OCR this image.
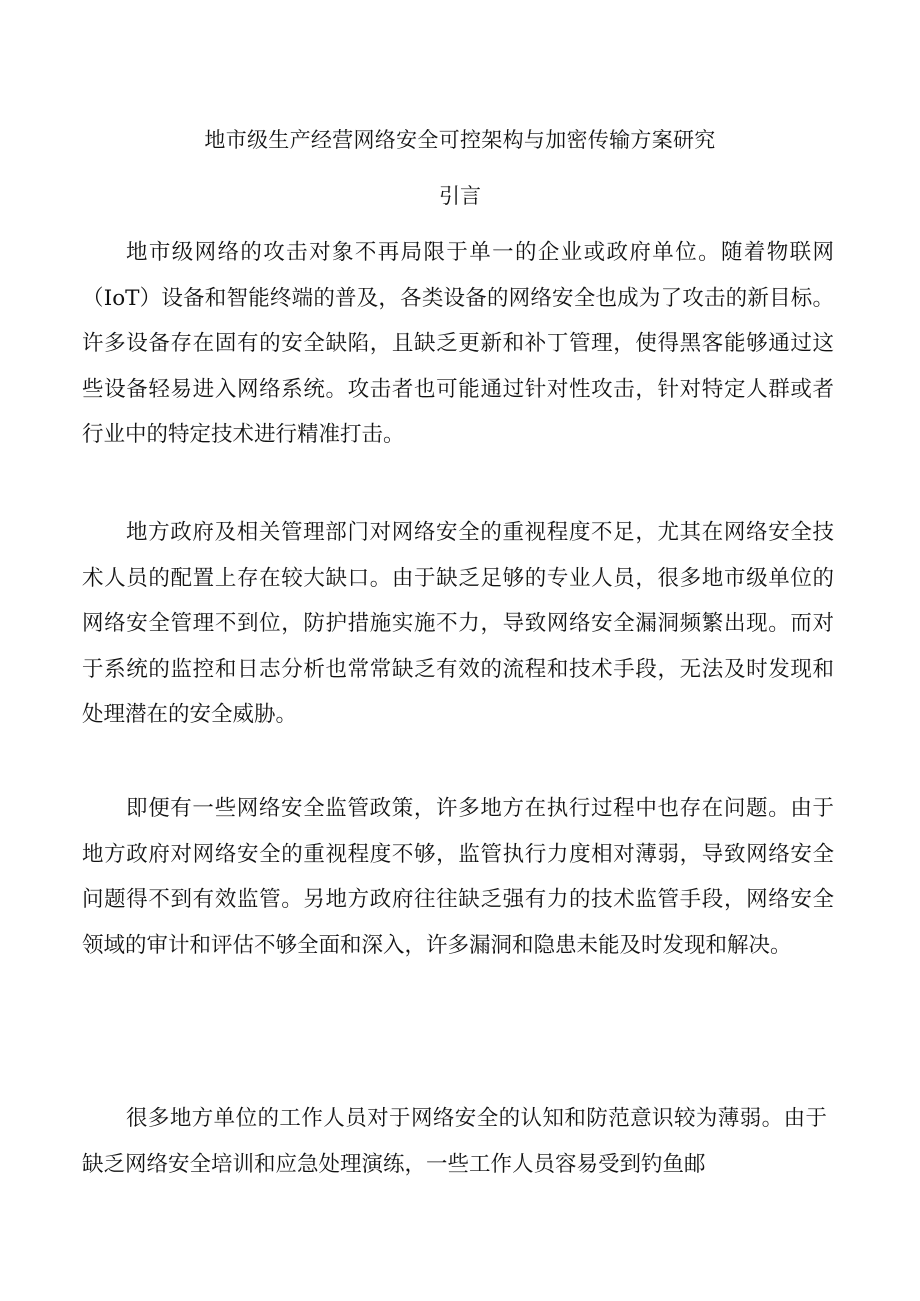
地市级生产经营网络安全可控架构与加密传输方案研究
引言

地市级网络的攻击对象不再局限于单一的企业或政府单位。随着物联网（IoT）设备和智能终端的普及，各类设备的网络安全也成为了攻击的新目标。许多设备存在固有的安全缺陷，且缺乏更新和补丁管理，使得黑客能够通过这些设备轻易进入网络系统。攻击者也可能通过针对性攻击，针对特定人群或者行业中的特定技术进行精准打击。

地方政府及相关管理部门对网络安全的重视程度不足，尤其在网络安全技术人员的配置上存在较大缺口。由于缺乏足够的专业人员，很多地市级单位的网络安全管理不到位，防护措施实施不力，导致网络安全漏洞频繁出现。而对于系统的监控和日志分析也常常缺乏有效的流程和技术手段，无法及时发现和处理潜在的安全威胁。

即便有一些网络安全监管政策，许多地方在执行过程中也存在问题。由于地方政府对网络安全的重视程度不够，监管执行力度相对薄弱，导致网络安全问题得不到有效监管。另地方政府往往缺乏强有力的技术监管手段，网络安全领域的审计和评估不够全面和深入，许多漏洞和隐患未能及时发现和解决。

很多地方单位的工作人员对于网络安全的认知和防范意识较为薄弱。由于缺乏网络安全培训和应急处理演练，一些工作人员容易受到钓鱼邮
